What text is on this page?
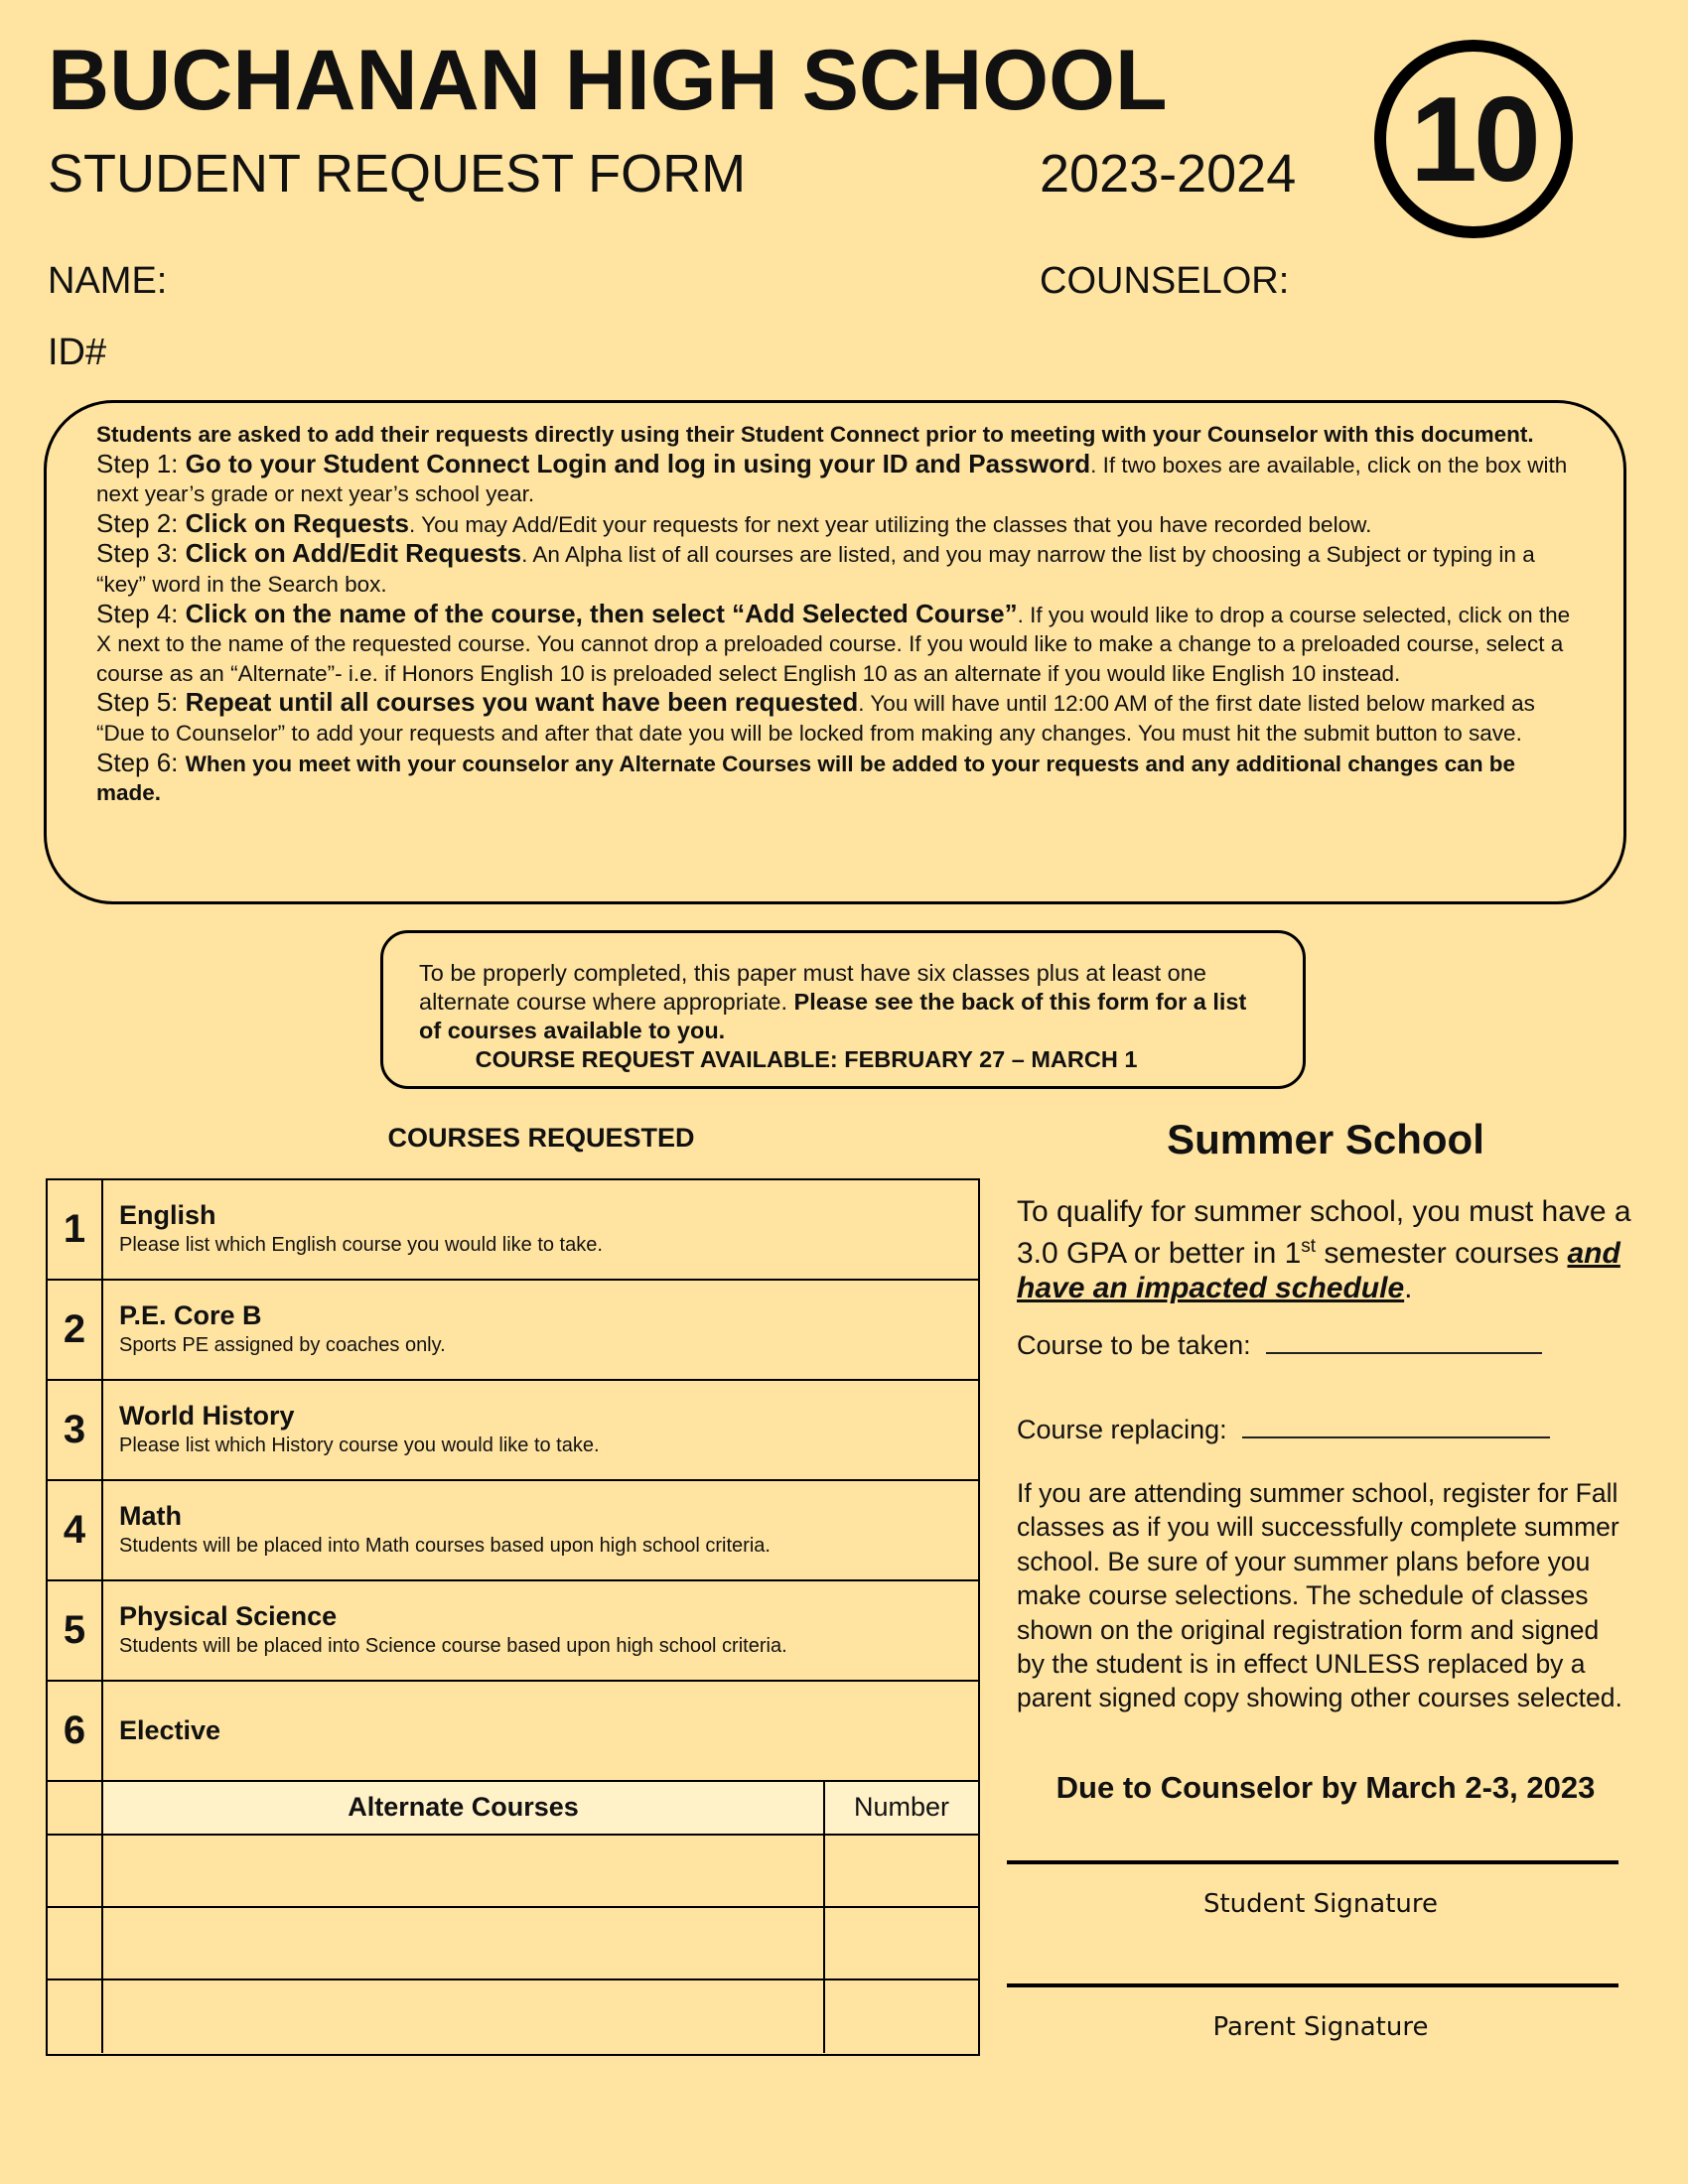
BUCHANAN HIGH SCHOOL
STUDENT REQUEST FORM	2023-2024 10
NAME:	COUNSELOR:
ID#

Students are asked to add their requests directly using their Student Connect prior to meeting with your Counselor with this document.

Step 1: Go to your Student Connect Login and log in using your ID and Password. If two boxes are available, click on the box with next year’s grade or next year’s school year.

Step 2: Click on Requests. You may Add/Edit your requests for next year utilizing the classes that you have recorded below.

Step 3: Click on Add/Edit Requests. An Alpha list of all courses are listed, and you may narrow the list by choosing a Subject or typing in a “key” word in the Search box.

Step 4: Click on the name of the course, then select “Add Selected Course”. If you would like to drop a course selected, click on the X next to the name of the requested course. You cannot drop a preloaded course. If you would like to make a change to a preloaded course, select a course as an “Alternate”- i.e. if Honors English 10 is preloaded select English 10 as an alternate if you would like English 10 instead.

Step 5: Repeat until all courses you want have been requested. You will have until 12:00 AM of the first date listed below marked as “Due to Counselor” to add your requests and after that date you will be locked from making any changes. You must hit the submit button to save.

Step 6: When you meet with your counselor any Alternate Courses will be added to your requests and any additional changes can be made.

To be properly completed, this paper must have six classes plus at least one alternate course where appropriate. Please see the back of this form for a list of courses available to you.

COURSE REQUEST AVAILABLE: FEBRUARY 27 – MARCH 1

COURSES REQUESTED
1	English
Please list which English course you would like to take.
2	P.E. Core B
Sports PE assigned by coaches only.
3	World History
Please list which History course you would like to take.
4	Math
Students will be placed into Math courses based upon high school criteria.
5	Physical Science
Students will be placed into Science course based upon high school criteria.
6	Elective
Alternate Courses	Number
Summer School
To qualify for summer school, you must have a 3.0 GPA or better in 1st semester courses and have an impacted schedule.
Course to be taken:
Course replacing:
If you are attending summer school, register for Fall classes as if you will successfully complete summer school. Be sure of your summer plans before you make course selections. The schedule of classes shown on the original registration form and signed by the student is in effect UNLESS replaced by a parent signed copy showing other courses selected.
Due to Counselor by March 2-3, 2023
Student Signature
Parent Signature
